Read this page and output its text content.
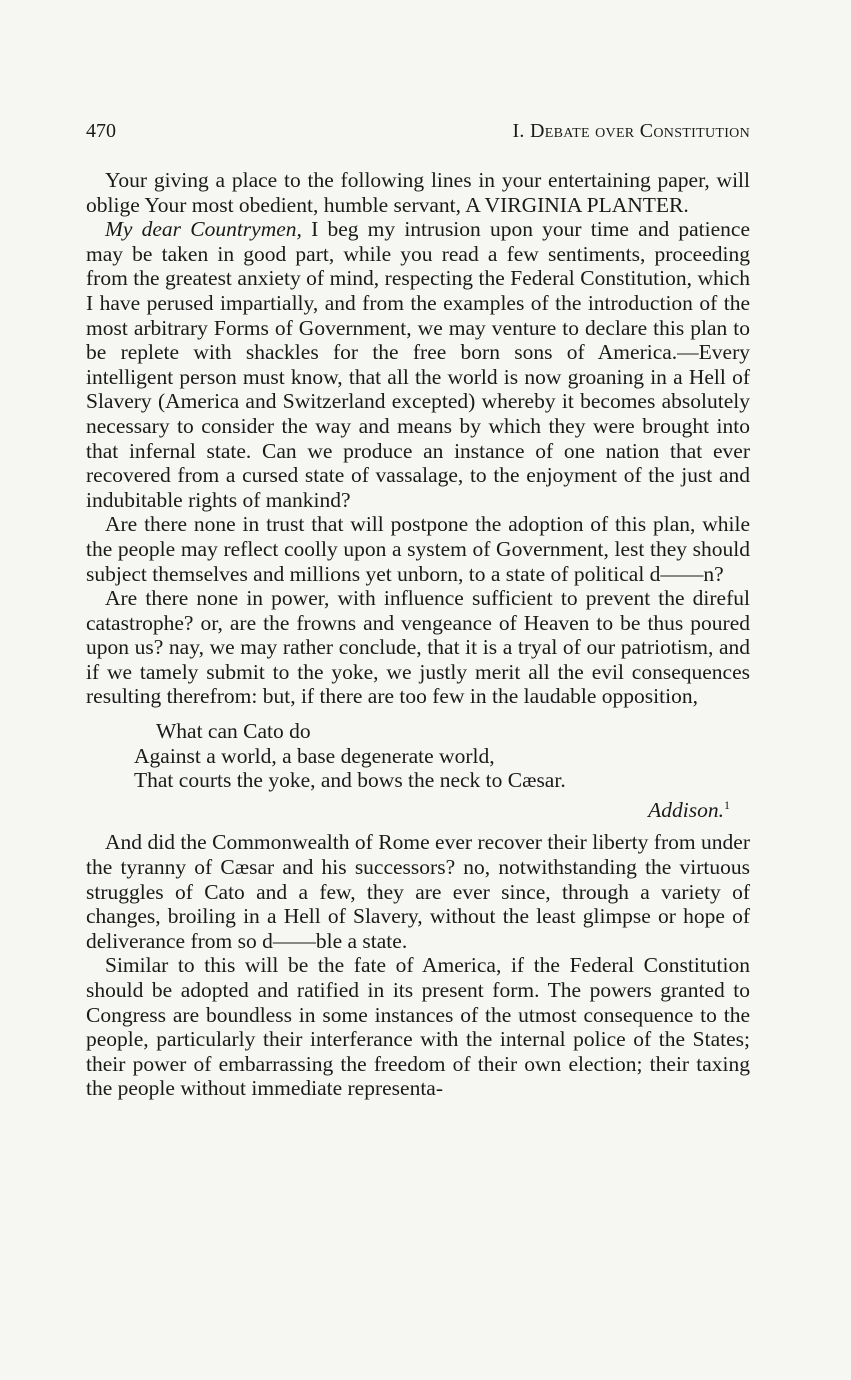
470	I. Debate over Constitution

Your giving a place to the following lines in your entertaining paper, will oblige Your most obedient, humble servant, A VIRGINIA PLANTER.

My dear Countrymen, I beg my intrusion upon your time and patience may be taken in good part, while you read a few sentiments, proceeding from the greatest anxiety of mind, respecting the Federal Constitution, which I have perused impartially, and from the examples of the introduction of the most arbitrary Forms of Government, we may venture to declare this plan to be replete with shackles for the free born sons of America.—Every intelligent person must know, that all the world is now groaning in a Hell of Slavery (America and Switzerland excepted) whereby it becomes absolutely necessary to consider the way and means by which they were brought into that infernal state. Can we produce an instance of one nation that ever recovered from a cursed state of vassalage, to the enjoyment of the just and indubitable rights of mankind?

Are there none in trust that will postpone the adoption of this plan, while the people may reflect coolly upon a system of Government, lest they should subject themselves and millions yet unborn, to a state of political d——n?

Are there none in power, with influence sufficient to prevent the direful catastrophe? or, are the frowns and vengeance of Heaven to be thus poured upon us? nay, we may rather conclude, that it is a tryal of our patriotism, and if we tamely submit to the yoke, we justly merit all the evil consequences resulting therefrom: but, if there are too few in the laudable opposition,

What can Cato do
Against a world, a base degenerate world,
That courts the yoke, and bows the neck to Cæsar.
Addison.$^1$

And did the Commonwealth of Rome ever recover their liberty from under the tyranny of Cæsar and his successors? no, notwithstanding the virtuous struggles of Cato and a few, they are ever since, through a variety of changes, broiling in a Hell of Slavery, without the least glimpse or hope of deliverance from so d——ble a state.

Similar to this will be the fate of America, if the Federal Constitution should be adopted and ratified in its present form. The powers granted to Congress are boundless in some instances of the utmost consequence to the people, particularly their interferance with the internal police of the States; their power of embarrassing the freedom of their own election; their taxing the people without immediate representa-
